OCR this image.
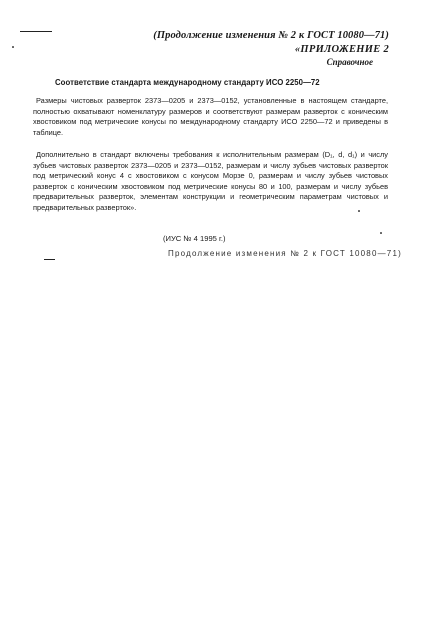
(Продолжение изменения № 2 к ГОСТ 10080—71)
«ПРИЛОЖЕНИЕ 2
Справочное
Соответствие стандарта международному стандарту ИСО 2250—72

Размеры чистовых разверток 2373—0205 и 2373—0152, установленные в настоящем стандарте, полностью охватывают номенклатуру размеров и соответствуют размерам разверток с коническим хвостовиком под метрические конусы по международному стандарту ИСО 2250—72 и приведены в таблице.

Дополнительно в стандарт включены требования к исполнительным размерам (D₁, d, d₁) и числу зубьев чистовых разверток 2373—0205 и 2373—0152, размерам и числу зубьев чистовых разверток под метрический конус 4 с хвостовиком с конусом Морзе 0, размерам и числу зубьев чистовых разверток с коническим хвостовиком под метрические конусы 80 и 100, размерам и числу зубьев предварительных разверток, элементам конструкции и геометрическим параметрам чистовых и предварительных разверток».

(ИУС № 4 1995 г.)
Продолжение изменения № 2 к ГОСТ 10080—71)
